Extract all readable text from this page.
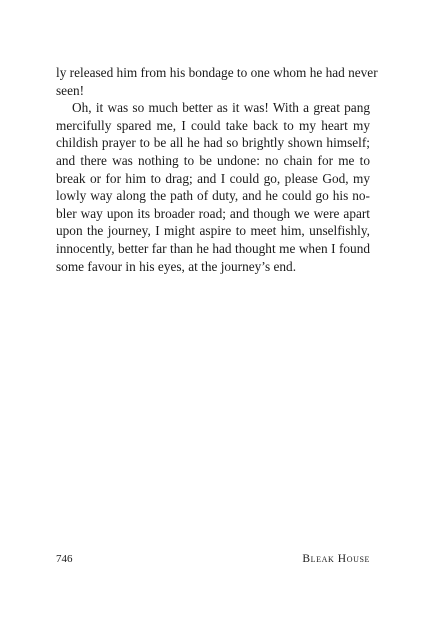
ly released him from his bondage to one whom he had never
seen!
Oh, it was so much better as it was! With a great pang
mercifully spared me, I could take back to my heart my
childish prayer to be all he had so brightly shown himself;
and there was nothing to be undone: no chain for me to
break or for him to drag; and I could go, please God, my
lowly way along the path of duty, and he could go his no-
bler way upon its broader road; and though we were apart
upon the journey, I might aspire to meet him, unselfishly,
innocently, better far than he had thought me when I found
some favour in his eyes, at the journey’s end.
746	Bleak House
